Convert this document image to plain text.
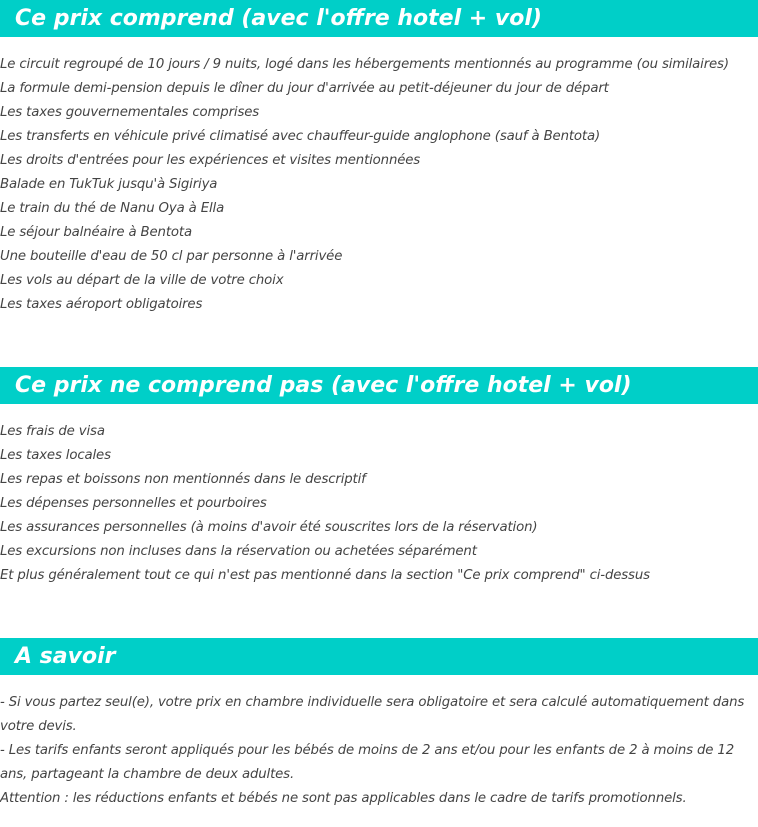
Ce prix comprend (avec l'offre hotel + vol)
Le circuit regroupé de 10 jours / 9 nuits, logé dans les hébergements mentionnés au programme (ou similaires)
La formule demi-pension depuis le dîner du jour d'arrivée au petit-déjeuner du jour de départ
Les taxes gouvernementales comprises
Les transferts en véhicule privé climatisé avec chauffeur-guide anglophone (sauf à Bentota)
Les droits d'entrées pour les expériences et visites mentionnées
Balade en TukTuk jusqu'à Sigiriya
Le train du thé de Nanu Oya à Ella
Le séjour balnéaire à Bentota
Une bouteille d'eau de 50 cl par personne à l'arrivée
Les vols au départ de la ville de votre choix
Les taxes aéroport obligatoires
Ce prix ne comprend pas (avec l'offre hotel + vol)
Les frais de visa
Les taxes locales
Les repas et boissons non mentionnés dans le descriptif
Les dépenses personnelles et pourboires
Les assurances personnelles (à moins d'avoir été souscrites lors de la réservation)
Les excursions non incluses dans la réservation ou achetées séparément
Et plus généralement tout ce qui n'est pas mentionné dans la section "Ce prix comprend" ci-dessus
A savoir

- Si vous partez seul(e), votre prix en chambre individuelle sera obligatoire et sera calculé automatiquement dans votre devis.

- Les tarifs enfants seront appliqués pour les bébés de moins de 2 ans et/ou pour les enfants de 2 à moins de 12 ans, partageant la chambre de deux adultes.

Attention : les réductions enfants et bébés ne sont pas applicables dans le cadre de tarifs promotionnels.
